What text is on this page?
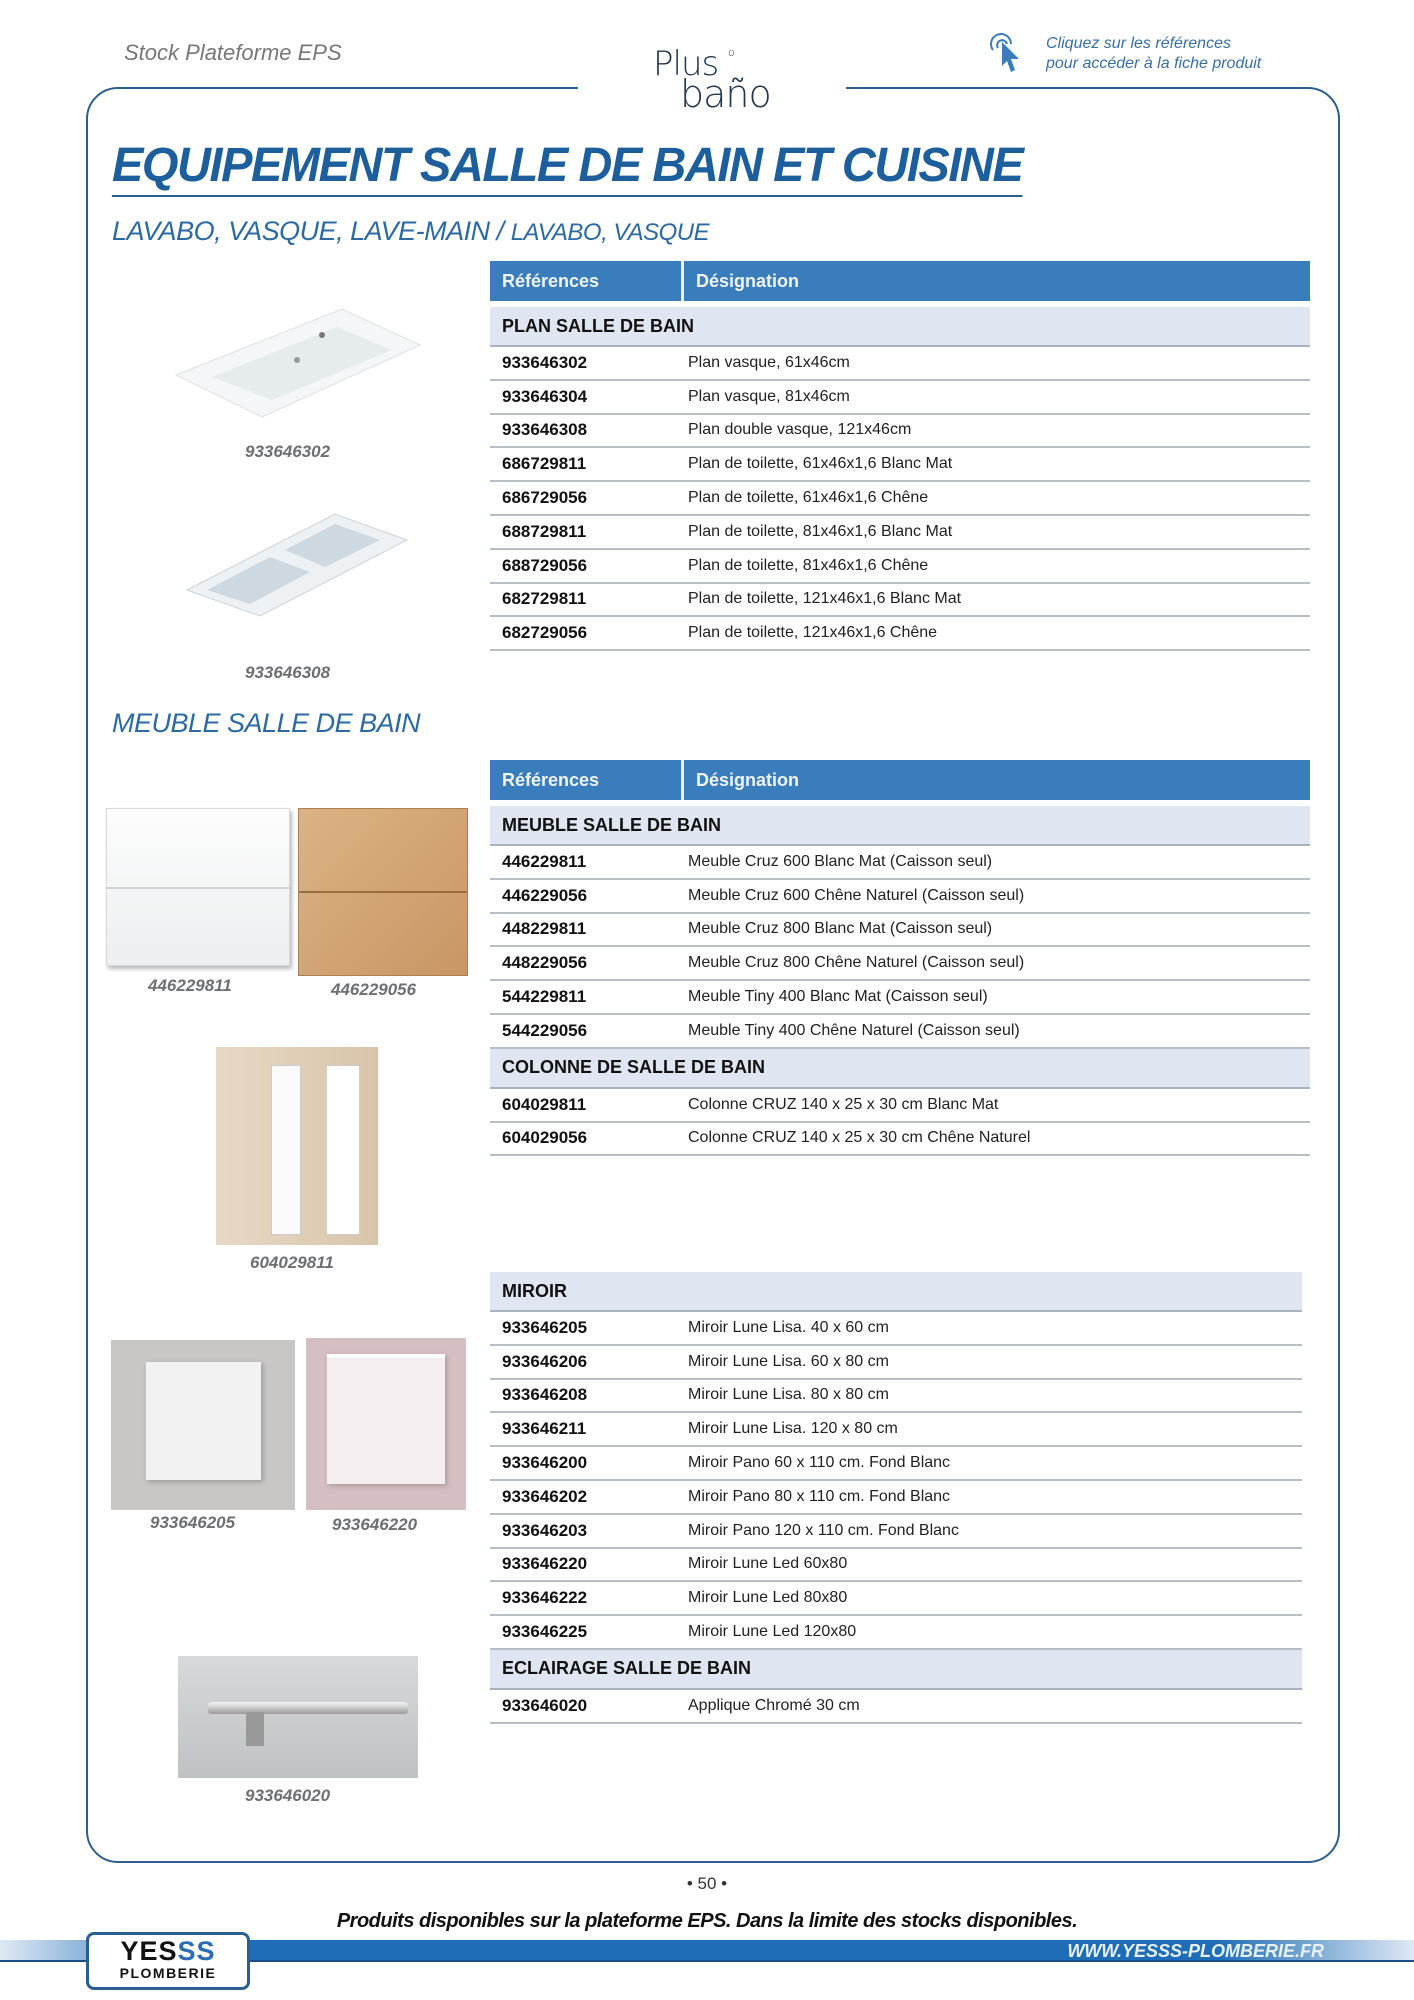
Stock Plateforme EPS	Plus o
baño
Cliquez sur les références
pour accéder à la fiche produit
EQUIPEMENT SALLE DE BAIN ET CUISINE
LAVABO, VASQUE, LAVE-MAIN / LAVABO, VASQUE
MEUBLE SALLE DE BAIN
Références	Désignation
PLAN SALLE DE BAIN
933646302	Plan vasque, 61x46cm
933646304	Plan vasque, 81x46cm
933646308	Plan double vasque, 121x46cm
686729811	Plan de toilette, 61x46x1,6 Blanc Mat
686729056	Plan de toilette, 61x46x1,6 Chêne
688729811	Plan de toilette, 81x46x1,6 Blanc Mat
688729056	Plan de toilette, 81x46x1,6 Chêne
682729811	Plan de toilette, 121x46x1,6 Blanc Mat
682729056	Plan de toilette, 121x46x1,6 Chêne
Références	Désignation
MEUBLE SALLE DE BAIN
446229811	Meuble Cruz 600 Blanc Mat (Caisson seul)
446229056	Meuble Cruz 600 Chêne Naturel (Caisson seul)
448229811	Meuble Cruz 800 Blanc Mat (Caisson seul)
448229056	Meuble Cruz 800 Chêne Naturel (Caisson seul)
544229811	Meuble Tiny 400 Blanc Mat (Caisson seul)
544229056	Meuble Tiny 400 Chêne Naturel (Caisson seul)
COLONNE DE SALLE DE BAIN
604029811	Colonne CRUZ 140 x 25 x 30 cm Blanc Mat
604029056	Colonne CRUZ 140 x 25 x 30 cm Chêne Naturel
MIROIR
933646205	Miroir Lune Lisa. 40 x 60 cm
933646206	Miroir Lune Lisa. 60 x 80 cm
933646208	Miroir Lune Lisa. 80 x 80 cm
933646211	Miroir Lune Lisa. 120 x 80 cm
933646200	Miroir Pano 60 x 110 cm. Fond Blanc
933646202	Miroir Pano 80 x 110 cm. Fond Blanc
933646203	Miroir Pano 120 x 110 cm. Fond Blanc
933646220	Miroir Lune Led 60x80
933646222	Miroir Lune Led 80x80
933646225	Miroir Lune Led 120x80
ECLAIRAGE SALLE DE BAIN
933646020	Applique Chromé 30 cm
933646302
933646308
446229811	446229056
604029811
933646205	933646220
933646020
• 50 •
Produits disponibles sur la plateforme EPS. Dans la limite des stocks disponibles.
WWW.YESSS-PLOMBERIE.FR
YESSS
PLOMBERIE
